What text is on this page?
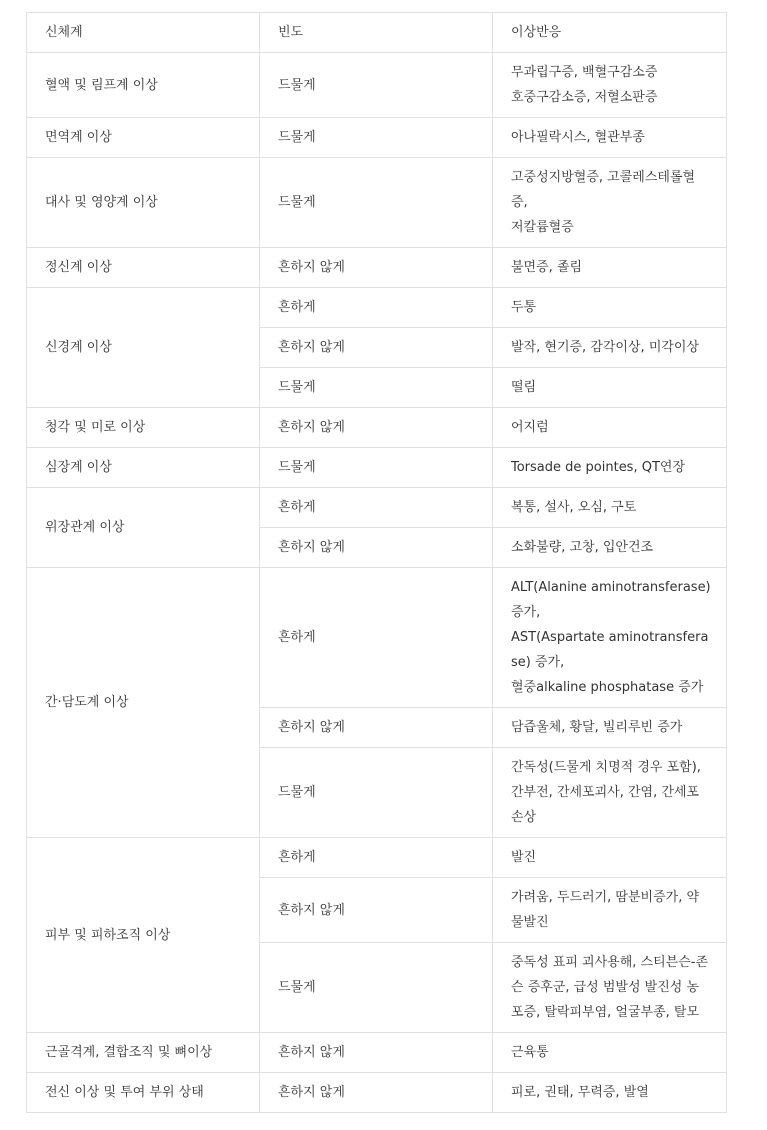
신체계	빈도	이상반응
혈액 및 림프계 이상	드물게	무과립구증, 백혈구감소증
호중구감소증, 저혈소판증

면역계 이상	드물게	아나필락시스, 혈관부종

대사 및 영양계 이상	드물게	고중성지방혈증, 고콜레스테롤혈증,
저칼륨혈증

정신계 이상	흔하지 않게	불면증, 졸림

신경계 이상	흔하게	두통

	흔하지 않게	발작, 현기증, 감각이상, 미각이상

	드물게	떨림

청각 및 미로 이상	흔하지 않게	어지럼

심장계 이상	드물게	Torsade de pointes, QT연장

위장관계 이상	흔하게	복통, 설사, 오심, 구토

	흔하지 않게	소화불량, 고창, 입안건조

간·담도계 이상	흔하게	ALT(Alanine aminotransferase) 증가,
AST(Aspartate aminotransferase) 증가,
혈중alkaline phosphatase 증가

	흔하지 않게	담즙울체, 황달, 빌리루빈 증가

	드물게	간독성(드물게 치명적 경우 포함), 간부전, 간세포괴사, 간염, 간세포손상

피부 및 피하조직 이상	흔하게	발진

	흔하지 않게	가려움, 두드러기, 땀분비증가, 약물발진

	드물게	중독성 표피 괴사용해, 스티븐슨-존슨 증후군, 급성 범발성 발진성 농포증, 탈락피부염, 얼굴부종, 탈모

근골격계, 결합조직 및 뼈이상	흔하지 않게	근육통

전신 이상 및 투여 부위 상태	흔하지 않게	피로, 권태, 무력증, 발열
